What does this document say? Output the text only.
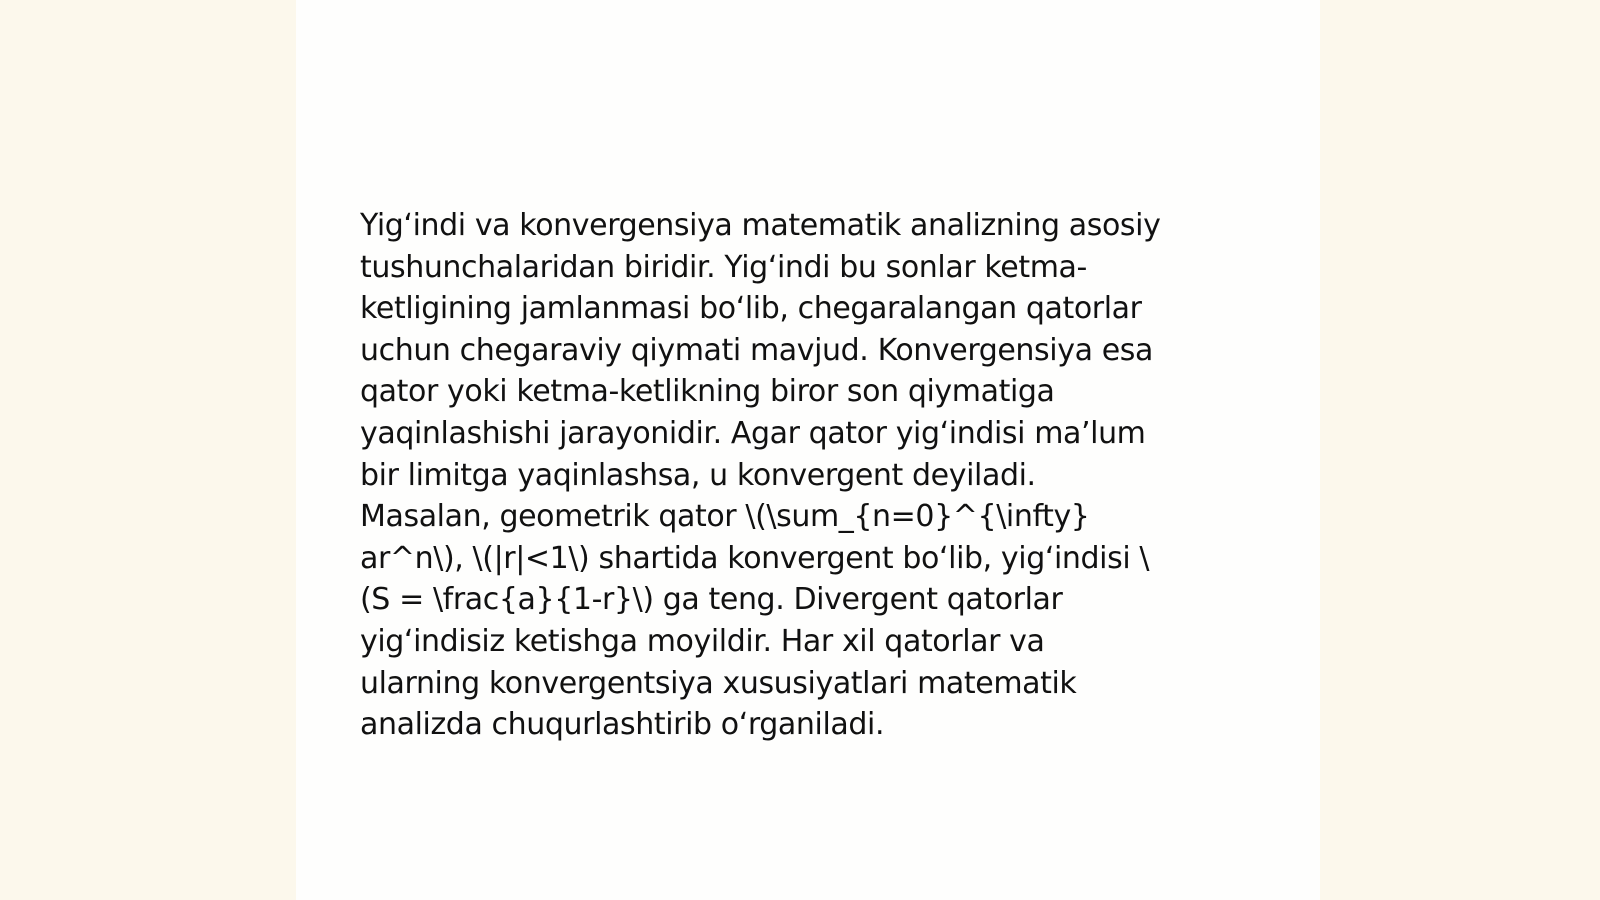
Yig‘indi va konvergensiya matematik analizning asosiy
tushunchalaridan biridir. Yig‘indi bu sonlar ketma-
ketligining jamlanmasi bo‘lib, chegaralangan qatorlar
uchun chegaraviy qiymati mavjud. Konvergensiya esa
qator yoki ketma-ketlikning biror son qiymatiga
yaqinlashishi jarayonidir. Agar qator yig‘indisi ma’lum
bir limitga yaqinlashsa, u konvergent deyiladi.
Masalan, geometrik qator \(\sum_{n=0}^{\infty}
ar^n\), \(|r|<1\) shartida konvergent bo‘lib, yig‘indisi \
(S = \frac{a}{1-r}\) ga teng. Divergent qatorlar
yig‘indisiz ketishga moyildir. Har xil qatorlar va
ularning konvergentsiya xususiyatlari matematik
analizda chuqurlashtirib o‘rganiladi.
